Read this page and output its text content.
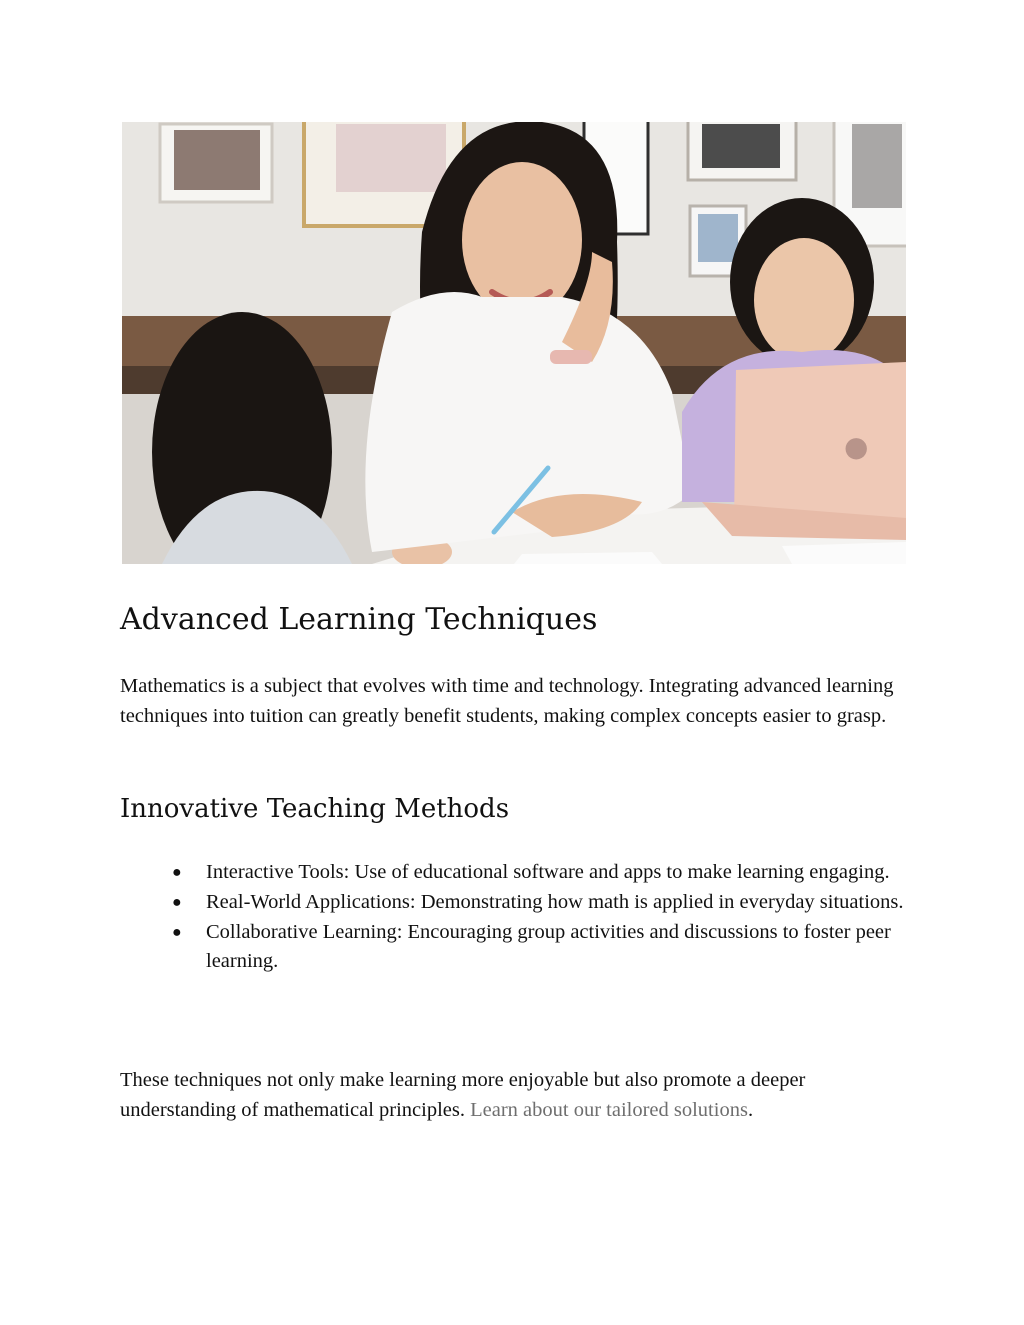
●
Advanced Learning Techniques

Mathematics is a subject that evolves with time and technology. Integrating advanced learning techniques into tuition can greatly benefit students, making complex concepts easier to grasp.

Innovative Teaching Methods
● Interactive Tools: Use of educational software and apps to make learning engaging.
● Real-World Applications: Demonstrating how math is applied in everyday situations.
● Collaborative Learning: Encouraging group activities and discussions to foster peer learning.

These techniques not only make learning more enjoyable but also promote a deeper understanding of mathematical principles. Learn about our tailored solutions.
